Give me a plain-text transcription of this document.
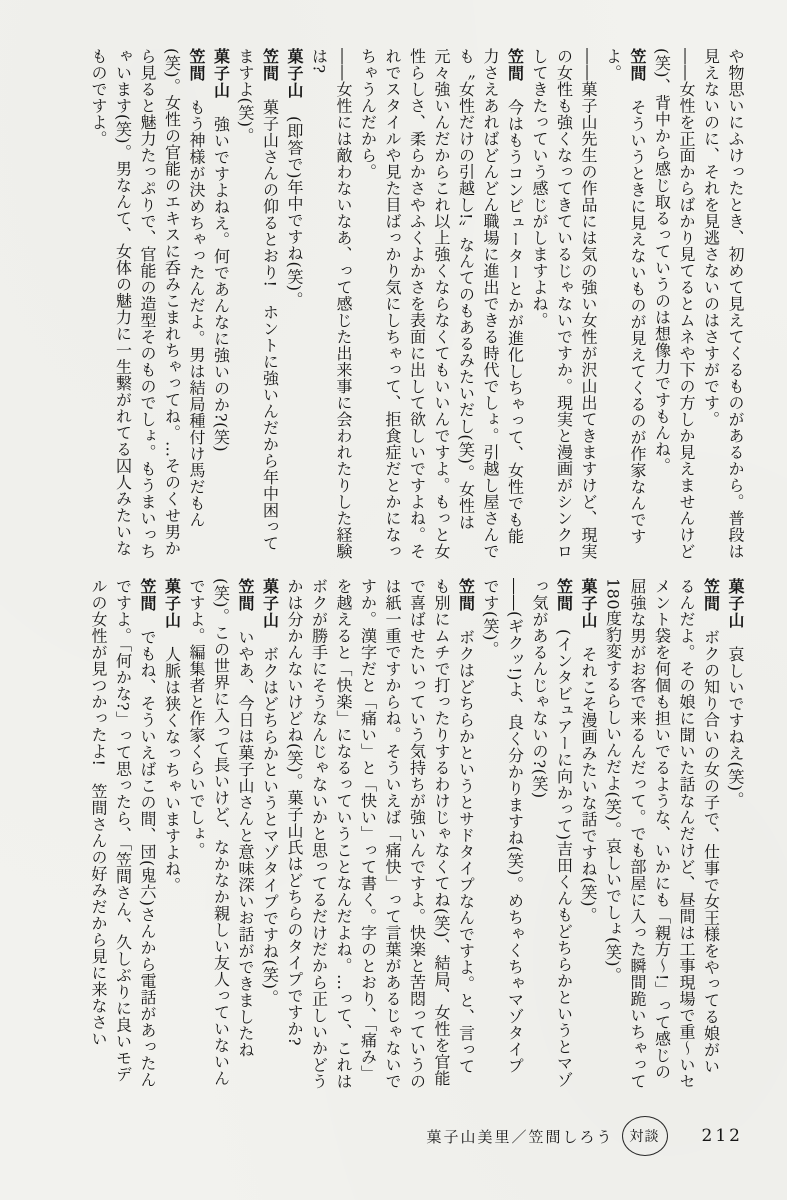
や物思いにふけったとき、初めて見えてくるものがあるから。普段は見えないのに、それを見逃さないのはさすがです。

――女性を正面からばかり見てるとムネや下の方しか見えませんけど(笑)、背中から感じ取るっていうのは想像力ですもんね。

笠間そういうときに見えないものが見えてくるのが作家なんですよ。

――菓子山先生の作品には気の強い女性が沢山出てきますけど、現実の女性も強くなってきているじゃないですか。現実と漫画がシンクロしてきたっていう感じがしますよね。

笠間今はもうコンピューターとかが進化しちゃって、女性でも能力さえあればどんどん職場に進出できる時代でしょ。引越し屋さんでも〝女性だけの引越し!〟なんてのもあるみたいだし(笑)。女性は元々強いんだからこれ以上強くならなくてもいいんですよ。もっと女性らしさ、柔らかさやふくよかさを表面に出して欲しいですよね。それでスタイルや見た目ばっかり気にしちゃって、拒食症だとかになっちゃうんだから。

――女性には敵わないなあ、って感じた出来事に会われたりした経験は?

菓子山(即答で)年中ですね(笑)。

笠間菓子山さんの仰るとおり!　ホントに強いんだから年中困ってますよ(笑)。

菓子山強いですよねえ。何であんなに強いのか?(笑)

笠間もう神様が決めちゃったんだよ。男は結局種付け馬だもん(笑)。女性の官能のエキスに呑みこまれちゃってね。…そのくせ男から見ると魅力たっぷりで、官能の造型そのものでしょ。もうまいっちゃいます(笑)。男なんて、女体の魅力に一生繋がれてる囚人みたいなものですよ。

菓子山哀しいですねえ(笑)。

笠間ボクの知り合いの女の子で、仕事で女王様をやってる娘がいるんだよ。その娘に聞いた話なんだけど、昼間は工事現場で重〜いセメント袋を何個も担いでるような、いかにも「親方〜!」って感じの屈強な男がお客で来るんだって。でも部屋に入った瞬間跪いちゃって180度豹変するらしいんだよ(笑)。哀しいでしょ(笑)。

菓子山それこそ漫画みたいな話ですね(笑)。

笠間(インタビュアーに向かって)吉田くんもどちらかというとマゾっ気があるんじゃないの?(笑)

――(ギクッ!)よ、良く分かりますね(笑)。めちゃくちゃマゾタイプです(笑)。

笠間ボクはどちらかというとサドタイプなんですよ。と、言っても別にムチで打ったりするわけじゃなくてね(笑)、結局、女性を官能で喜ばせたいっていう気持ちが強いんですよ。快楽と苦悶っていうのは紙一重ですからね。そういえば「痛快」って言葉があるじゃないですか。漢字だと「痛い」と「快い」って書く。字のとおり、「痛み」を越えると「快楽」になるっていうことなんだよね。…って、これはボクが勝手にそうなんじゃないかと思ってるだけだから正しいかどうかは分かんないけどね(笑)。菓子山氏はどちらのタイプですか?

菓子山ボクはどちらかというとマゾタイプですね(笑)。

笠間いやあ、今日は菓子山さんと意味深いお話ができましたね(笑)。この世界に入って長いけど、なかなか親しい友人っていないんですよ。編集者と作家くらいでしょ。

菓子山人脈は狭くなっちゃいますよね。

笠間でもね、そういえばこの間、団(鬼六)さんから電話があったんですよ。「何かな?」って思ったら、「笠間さん、久しぶりに良いモデルの女性が見つかったよ!　笠間さんの好みだから見に来なさい

菓子山美里／笠間しろう	対談	212
